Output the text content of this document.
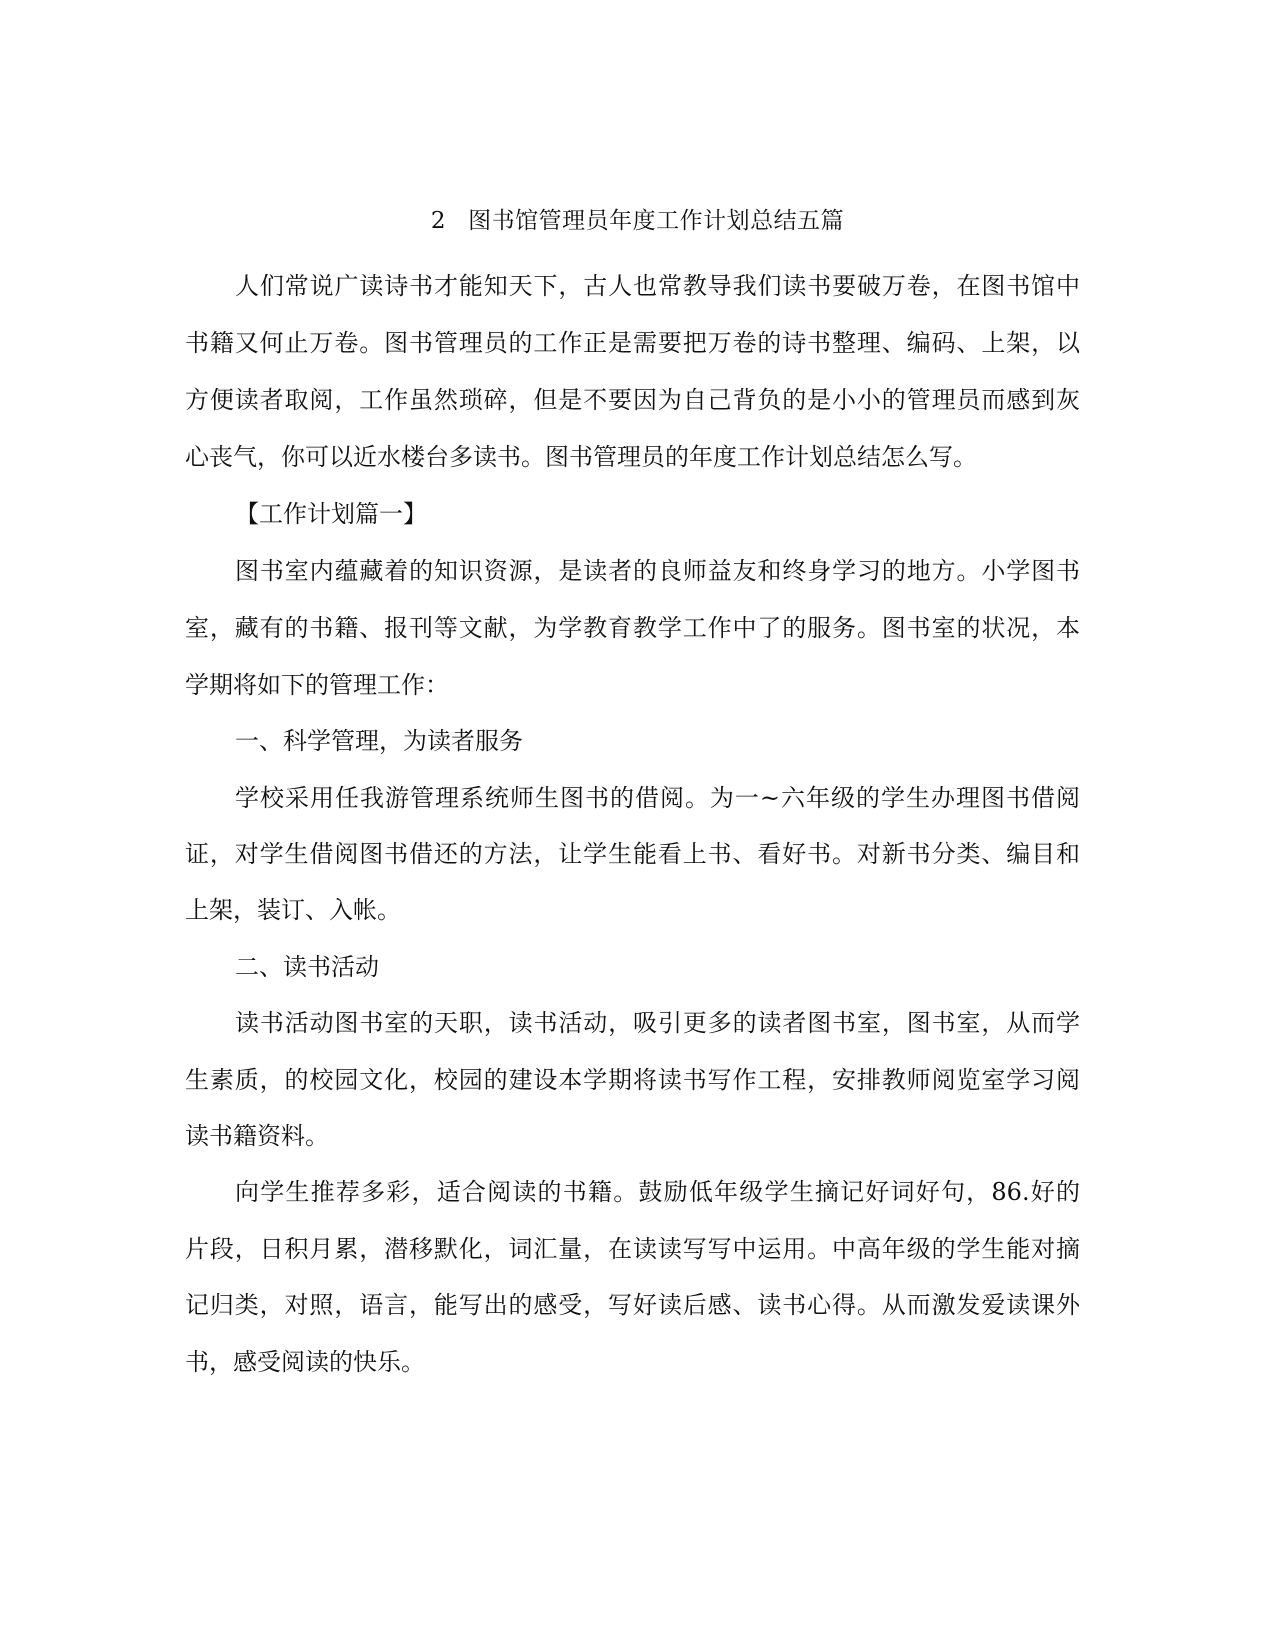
2 图书馆管理员年度工作计划总结五篇
人们常说广读诗书才能知天下，古人也常教导我们读书要破万卷，在图书馆中
书籍又何止万卷。图书管理员的工作正是需要把万卷的诗书整理、编码、上架，以
方便读者取阅，工作虽然琐碎，但是不要因为自己背负的是小小的管理员而感到灰
心丧气，你可以近水楼台多读书。图书管理员的年度工作计划总结怎么写。
【工作计划篇一】
图书室内蕴藏着的知识资源，是读者的良师益友和终身学习的地方。小学图书
室，藏有的书籍、报刊等文献，为学教育教学工作中了的服务。图书室的状况，本
学期将如下的管理工作：
一、科学管理，为读者服务
学校采用任我游管理系统师生图书的借阅。为一~六年级的学生办理图书借阅
证，对学生借阅图书借还的方法，让学生能看上书、看好书。对新书分类、编目和
上架，装订、入帐。
二、读书活动
读书活动图书室的天职，读书活动，吸引更多的读者图书室，图书室，从而学
生素质，的校园文化，校园的建设本学期将读书写作工程，安排教师阅览室学习阅
读书籍资料。
向学生推荐多彩，适合阅读的书籍。鼓励低年级学生摘记好词好句，86.好的
片段，日积月累，潜移默化，词汇量，在读读写写中运用。中高年级的学生能对摘
记归类，对照，语言，能写出的感受，写好读后感、读书心得。从而激发爱读课外
书，感受阅读的快乐。
